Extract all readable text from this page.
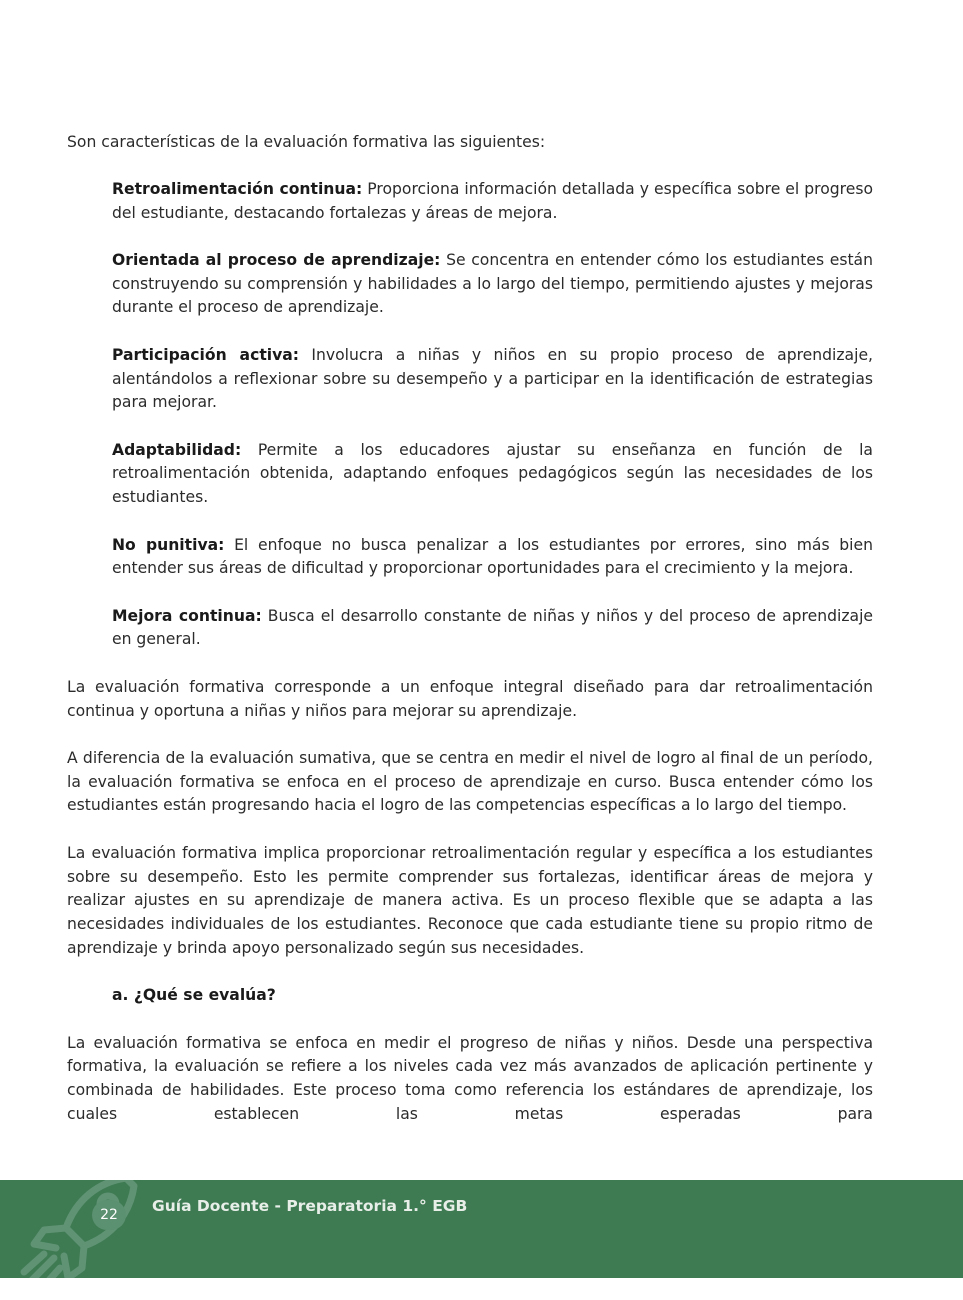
Son características de la evaluación formativa las siguientes:

Retroalimentación continua: Proporciona información detallada y específica sobre el progreso del estudiante, destacando fortalezas y áreas de mejora.
Orientada al proceso de aprendizaje: Se concentra en entender cómo los estudiantes están construyendo su comprensión y habilidades a lo largo del tiempo, permitiendo ajustes y mejoras durante el proceso de aprendizaje.
Participación activa: Involucra a niñas y niños en su propio proceso de aprendizaje, alentándolos a reflexionar sobre su desempeño y a participar en la identificación de estrategias para mejorar.
Adaptabilidad: Permite a los educadores ajustar su enseñanza en función de la retroalimentación obtenida, adaptando enfoques pedagógicos según las necesidades de los estudiantes.
No punitiva: El enfoque no busca penalizar a los estudiantes por errores, sino más bien entender sus áreas de dificultad y proporcionar oportunidades para el crecimiento y la mejora.
Mejora continua: Busca el desarrollo constante de niñas y niños y del proceso de aprendizaje en general.

La evaluación formativa corresponde a un enfoque integral diseñado para dar retroalimentación continua y oportuna a niñas y niños para mejorar su aprendizaje.

A diferencia de la evaluación sumativa, que se centra en medir el nivel de logro al final de un período, la evaluación formativa se enfoca en el proceso de aprendizaje en curso. Busca entender cómo los estudiantes están progresando hacia el logro de las competencias específicas a lo largo del tiempo.

La evaluación formativa implica proporcionar retroalimentación regular y específica a los estudiantes sobre su desempeño. Esto les permite comprender sus fortalezas, identificar áreas de mejora y realizar ajustes en su aprendizaje de manera activa. Es un proceso flexible que se adapta a las necesidades individuales de los estudiantes. Reconoce que cada estudiante tiene su propio ritmo de aprendizaje y brinda apoyo personalizado según sus necesidades.

a. ¿Qué se evalúa?

La evaluación formativa se enfoca en medir el progreso de niñas y niños. Desde una perspectiva formativa, la evaluación se refiere a los niveles cada vez más avanzados de aplicación pertinente y combinada de habilidades. Este proceso toma como referencia los estándares de aprendizaje, los cuales establecen las metas esperadas para

22	Guía Docente - Preparatoria 1.° EGB
